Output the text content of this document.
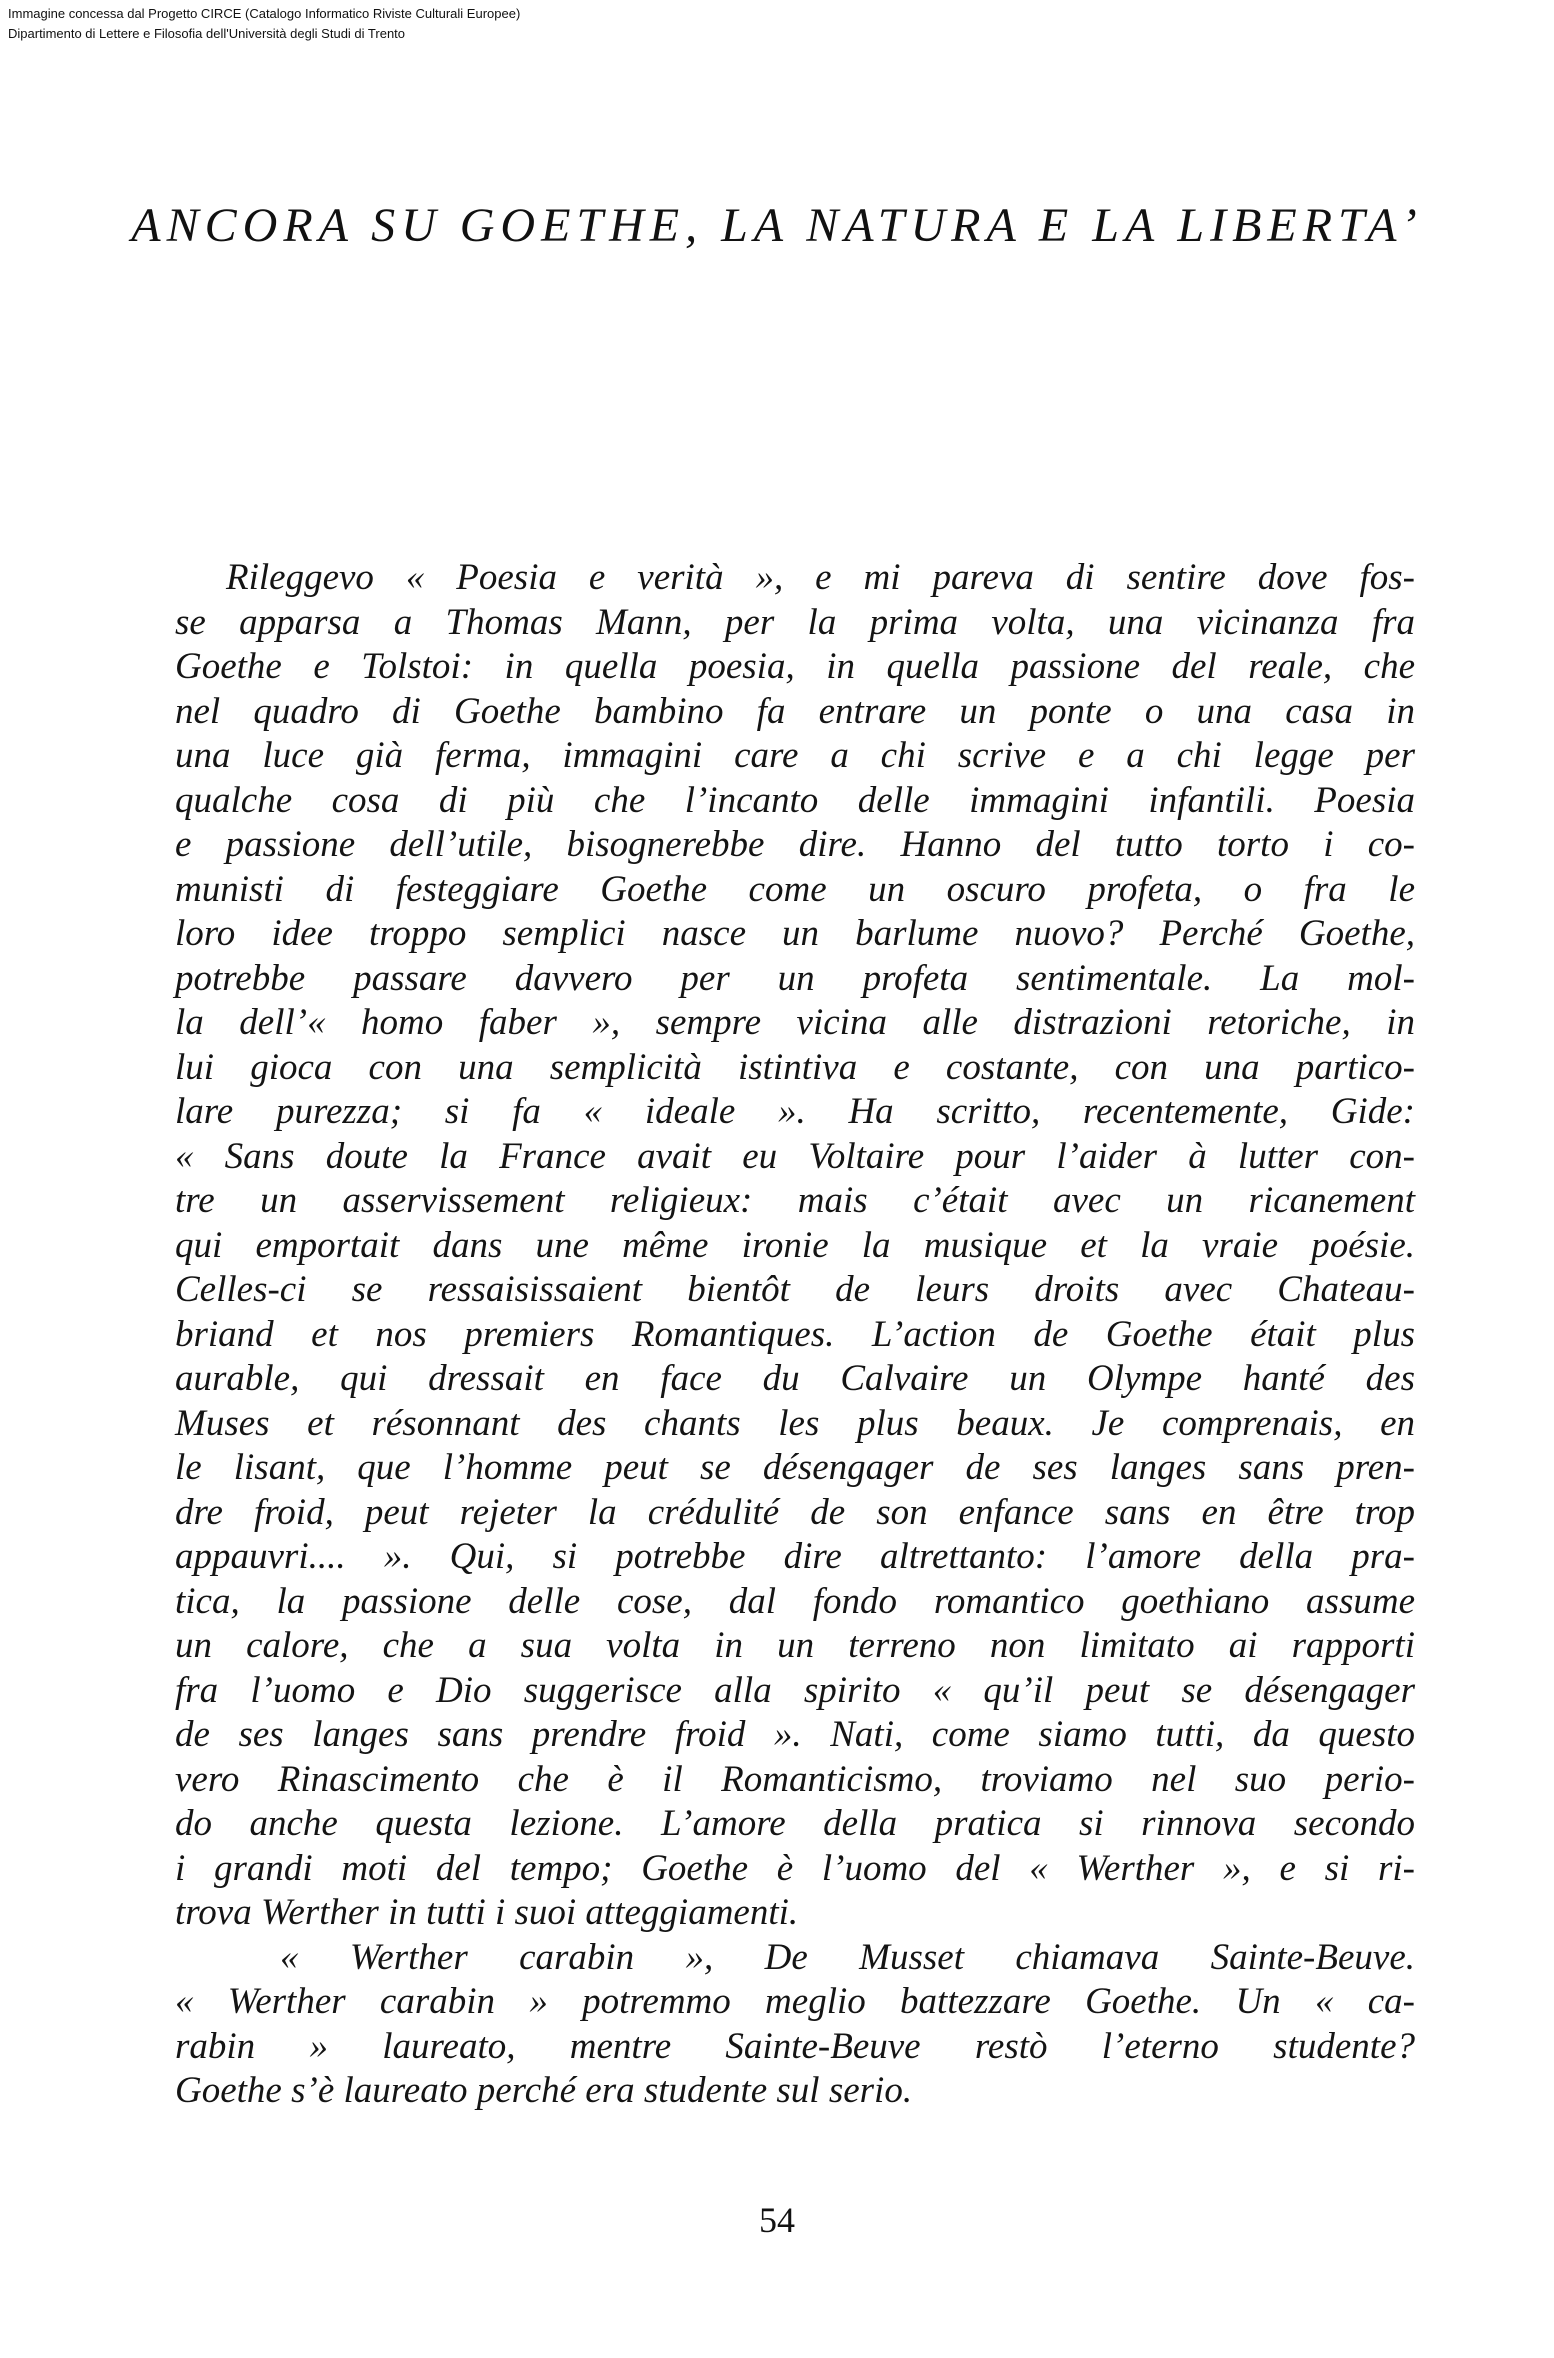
Immagine concessa dal Progetto CIRCE (Catalogo Informatico Riviste Culturali Europee)
Dipartimento di Lettere e Filosofia dell'Università degli Studi di Trento
ANCORA SU GOETHE, LA NATURA E LA LIBERTA’
Rileggevo « Poesia e verità », e mi pareva di sentire dove fos-
se apparsa a Thomas Mann, per la prima volta, una vicinanza fra
Goethe e Tolstoi: in quella poesia, in quella passione del reale, che
nel quadro di Goethe bambino fa entrare un ponte o una casa in
una luce già ferma, immagini care a chi scrive e a chi legge per
qualche cosa di più che l’incanto delle immagini infantili. Poesia
e passione dell’utile, bisognerebbe dire. Hanno del tutto torto i co-
munisti di festeggiare Goethe come un oscuro profeta, o fra le
loro idee troppo semplici nasce un barlume nuovo? Perché Goethe,
potrebbe passare davvero per un profeta sentimentale. La mol-
la dell’« homo faber », sempre vicina alle distrazioni retoriche, in
lui gioca con una semplicità istintiva e costante, con una partico-
lare purezza; si fa « ideale ». Ha scritto, recentemente, Gide:
« Sans doute la France avait eu Voltaire pour l’aider à lutter con-
tre un asservissement religieux: mais c’était avec un ricanement
qui emportait dans une même ironie la musique et la vraie poésie.
Celles-ci se ressaisissaient bientôt de leurs droits avec Chateau-
briand et nos premiers Romantiques. L’action de Goethe était plus
aurable, qui dressait en face du Calvaire un Olympe hanté des
Muses et résonnant des chants les plus beaux. Je comprenais, en
le lisant, que l’homme peut se désengager de ses langes sans pren-
dre froid, peut rejeter la crédulité de son enfance sans en être trop
appauvri.... ». Qui, si potrebbe dire altrettanto: l’amore della pra-
tica, la passione delle cose, dal fondo romantico goethiano assume
un calore, che a sua volta in un terreno non limitato ai rapporti
fra l’uomo e Dio suggerisce alla spirito « qu’il peut se désengager
de ses langes sans prendre froid ». Nati, come siamo tutti, da questo
vero Rinascimento che è il Romanticismo, troviamo nel suo perio-
do anche questa lezione. L’amore della pratica si rinnova secondo
i grandi moti del tempo; Goethe è l’uomo del « Werther », e si ri-
trova Werther in tutti i suoi atteggiamenti.
« Werther carabin », De Musset chiamava Sainte-Beuve.
« Werther carabin » potremmo meglio battezzare Goethe. Un « ca-
rabin » laureato, mentre Sainte-Beuve restò l’eterno studente?
Goethe s’è laureato perché era studente sul serio.
54
